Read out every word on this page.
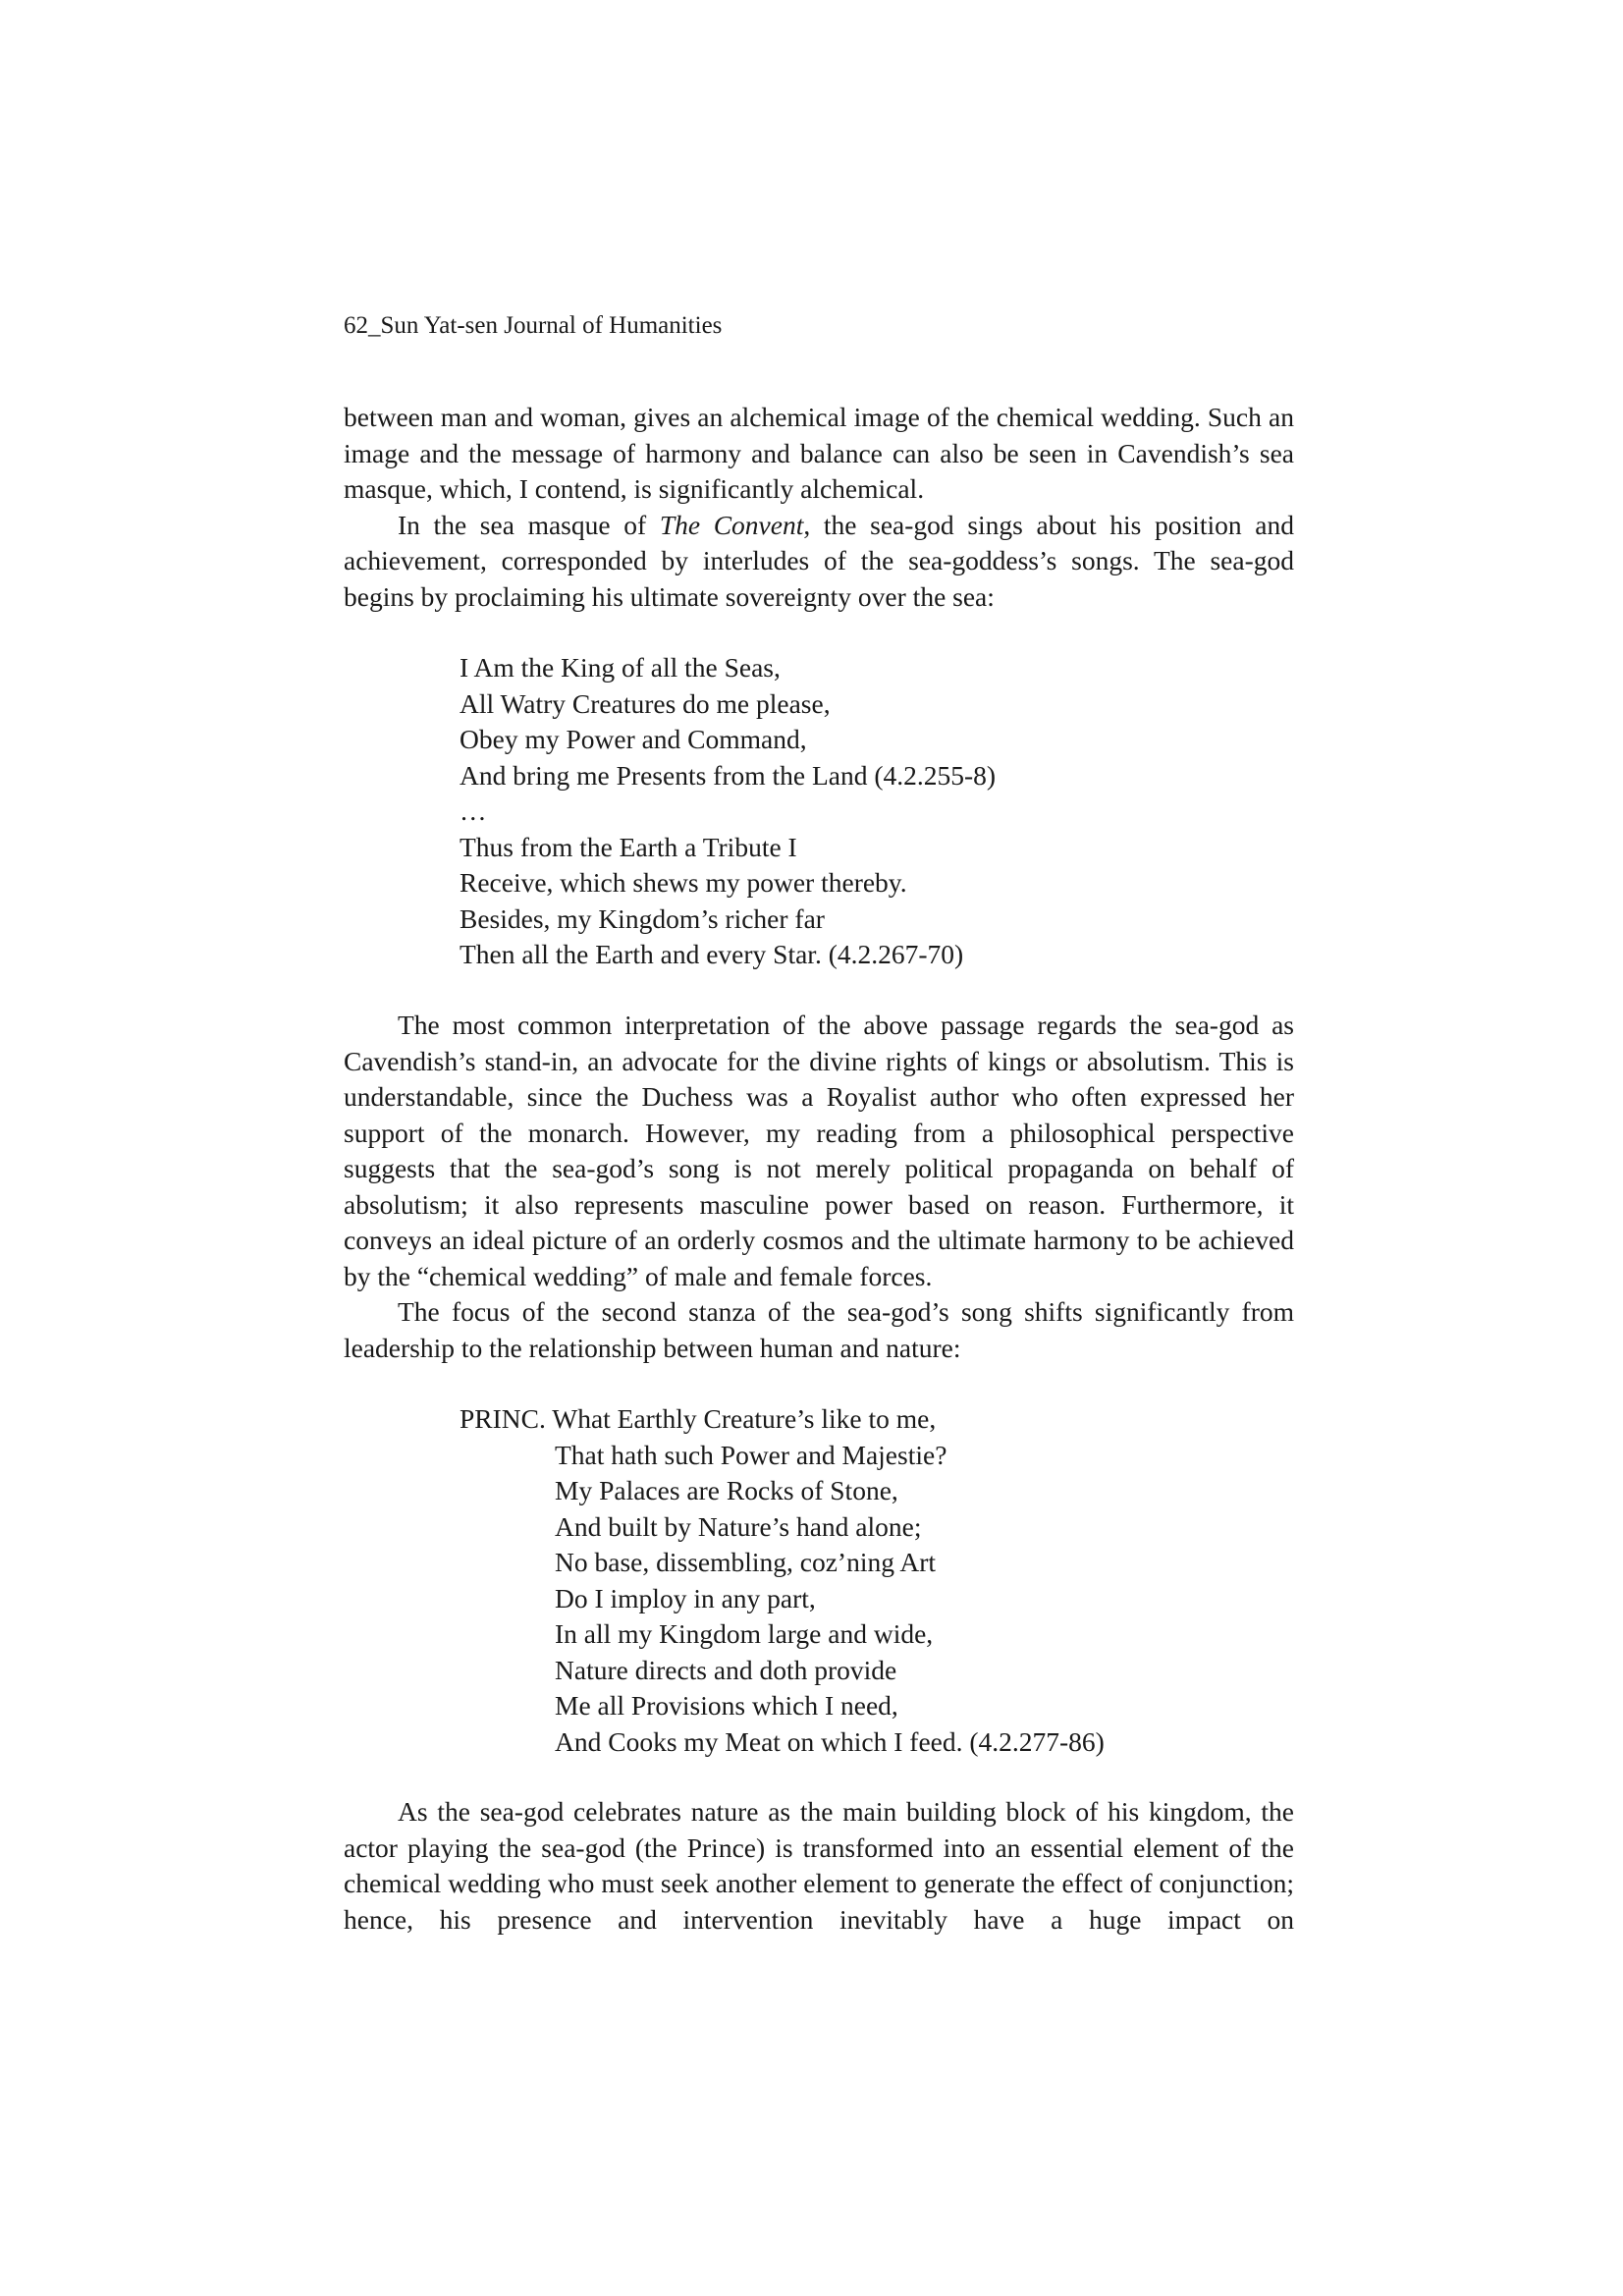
62_Sun Yat-sen Journal of Humanities

between man and woman, gives an alchemical image of the chemical wedding. Such an image and the message of harmony and balance can also be seen in Cavendish’s sea masque, which, I contend, is significantly alchemical.

In the sea masque of The Convent, the sea-god sings about his position and achievement, corresponded by interludes of the sea-goddess’s songs. The sea-god begins by proclaiming his ultimate sovereignty over the sea:

I Am the King of all the Seas,
All Watry Creatures do me please,
Obey my Power and Command,
And bring me Presents from the Land (4.2.255-8)
…
Thus from the Earth a Tribute I
Receive, which shews my power thereby.
Besides, my Kingdom’s richer far
Then all the Earth and every Star. (4.2.267-70)

The most common interpretation of the above passage regards the sea-god as Cavendish’s stand-in, an advocate for the divine rights of kings or absolutism. This is understandable, since the Duchess was a Royalist author who often expressed her support of the monarch. However, my reading from a philosophical perspective suggests that the sea-god’s song is not merely political propaganda on behalf of absolutism; it also represents masculine power based on reason. Furthermore, it conveys an ideal picture of an orderly cosmos and the ultimate harmony to be achieved by the “chemical wedding” of male and female forces.

The focus of the second stanza of the sea-god’s song shifts significantly from leadership to the relationship between human and nature:

PRINC. What Earthly Creature’s like to me,
That hath such Power and Majestie?
My Palaces are Rocks of Stone,
And built by Nature’s hand alone;
No base, dissembling, coz’ning Art
Do I imploy in any part,
In all my Kingdom large and wide,
Nature directs and doth provide
Me all Provisions which I need,
And Cooks my Meat on which I feed. (4.2.277-86)

As the sea-god celebrates nature as the main building block of his kingdom, the actor playing the sea-god (the Prince) is transformed into an essential element of the chemical wedding who must seek another element to generate the effect of conjunction; hence, his presence and intervention inevitably have a huge impact on
